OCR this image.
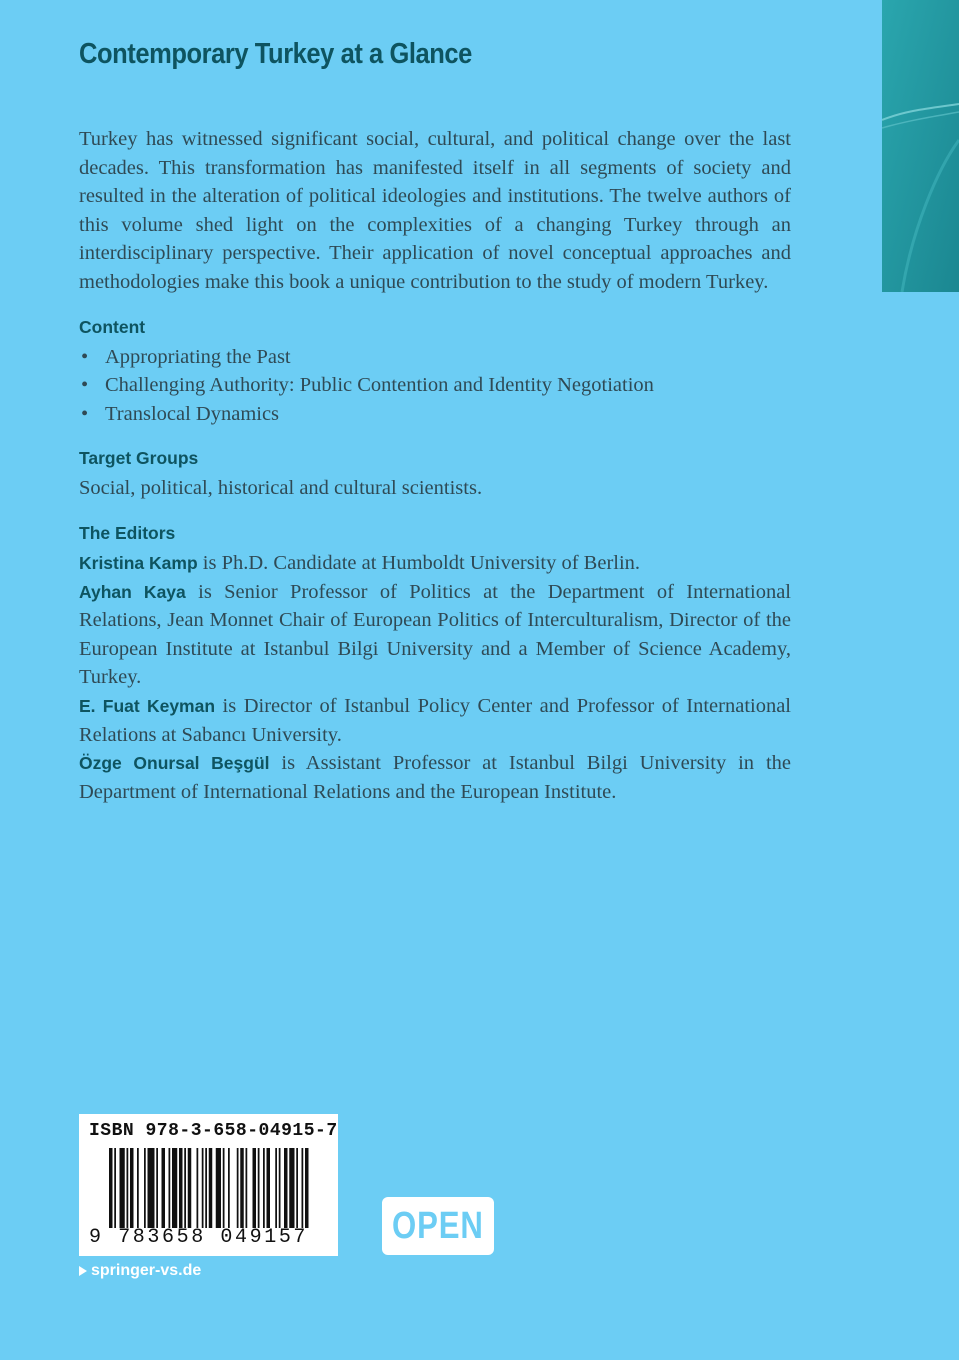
Contemporary Turkey at a Glance

Turkey has witnessed significant social, cultural, and political change over the last decades. This transformation has manifested itself in all segments of society and resulted in the alteration of political ideologies and institutions. The twelve authors of this volume shed light on the complexities of a changing Turkey through an interdisciplinary perspective. Their application of novel conceptual approaches and methodologies make this book a unique contribution to the study of modern Turkey.

Content
• Appropriating the Past
• Challenging Authority: Public Contention and Identity Negotiation
• Translocal Dynamics
Target Groups

Social, political, historical and cultural scientists.

The Editors

Kristina Kamp is Ph.D. Candidate at Humboldt University of Berlin.

Ayhan Kaya is Senior Professor of Politics at the Department of International Relations, Jean Monnet Chair of European Politics of Interculturalism, Director of the European Institute at Istanbul Bilgi University and a Member of Science Academy, Turkey.

E. Fuat Keyman is Director of Istanbul Policy Center and Professor of International Relations at Sabancı University.

Özge Onursal Beşgül is Assistant Professor at Istanbul Bilgi University in the Department of International Relations and the European Institute.

ISBN 978-3-658-04915-7
9 783658 049157
springer-vs.de
OPEN
